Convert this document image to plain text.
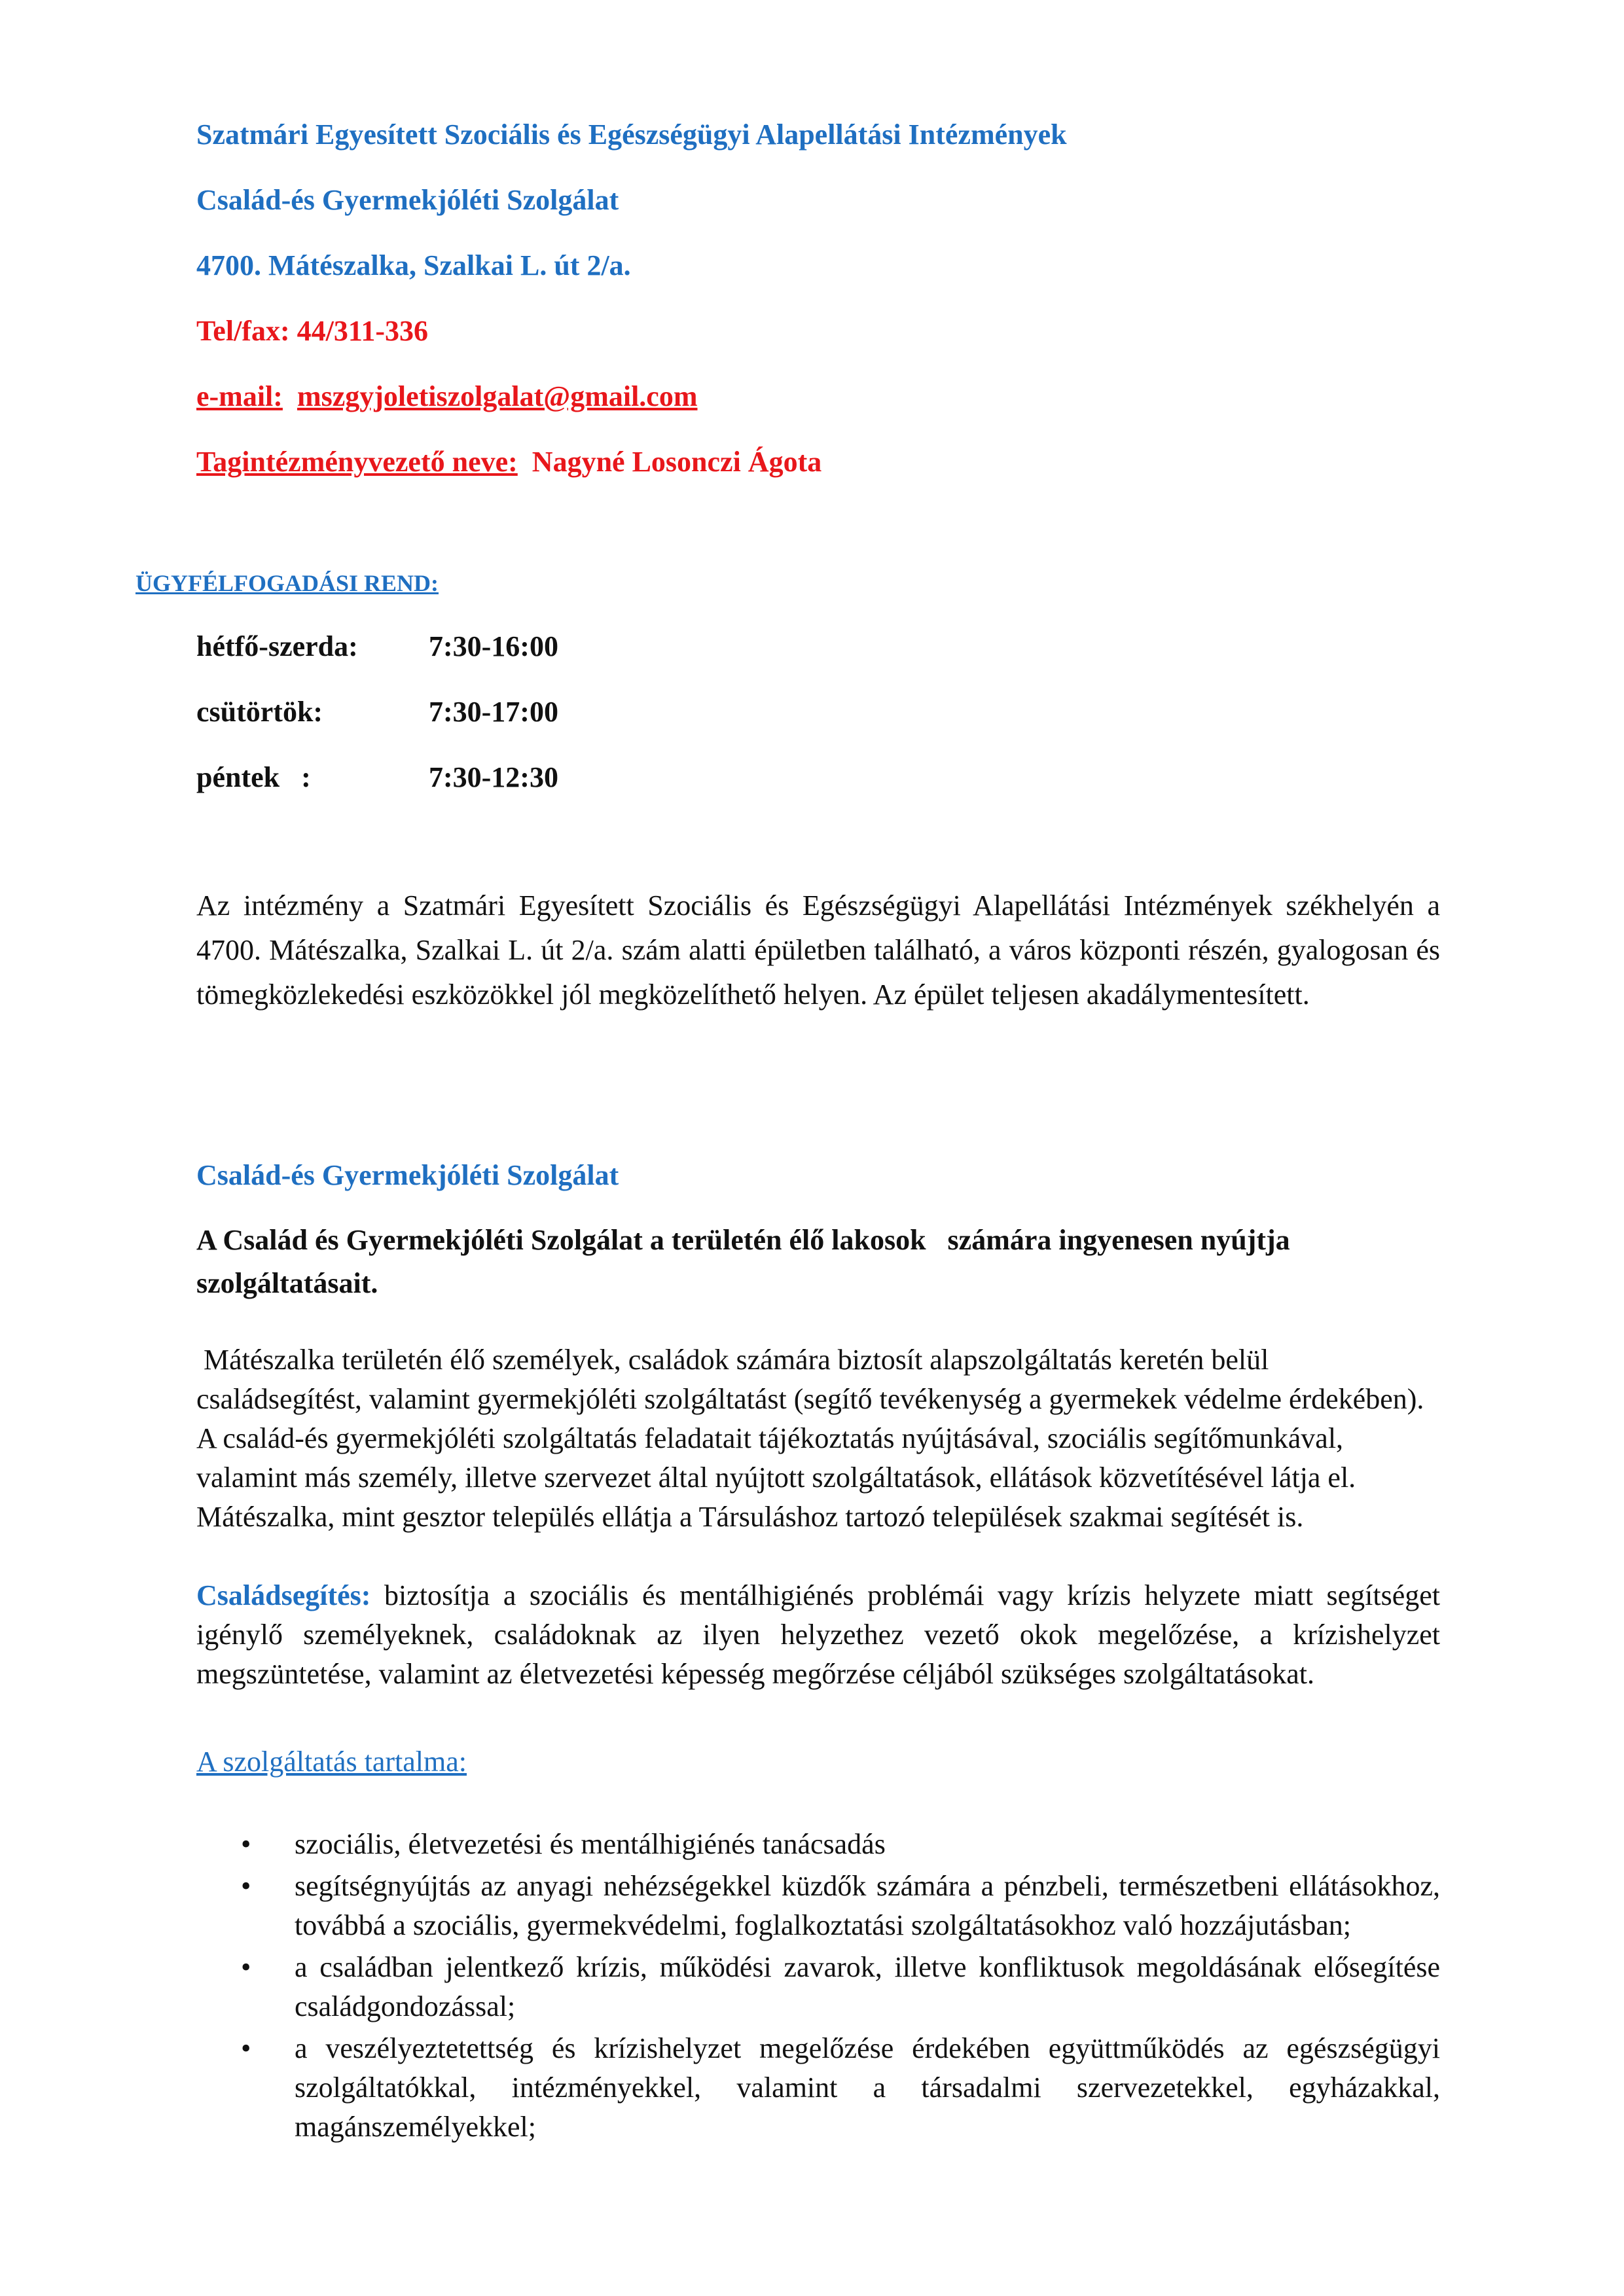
Szatmári Egyesített Szociális és Egészségügyi Alapellátási Intézmények
Család-és Gyermekjóléti Szolgálat
4700. Mátészalka, Szalkai L. út 2/a.
Tel/fax: 44/311-336
e-mail: mszgyjoletiszolgalat@gmail.com
Tagintézményvezető neve: Nagyné Losonczi Ágota
ÜGYFÉLFOGADÁSI REND:
hétfő-szerda: 7:30-16:00
csütörtök:	7:30-17:00
péntek   :	7:30-12:30
Az intézmény a Szatmári Egyesített Szociális és Egészségügyi Alapellátási Intézmények székhelyén a 4700. Mátészalka, Szalkai L. út 2/a. szám alatti épületben található, a város központi részén, gyalogosan és tömegközlekedési eszközökkel jól megközelíthető helyen. Az épület teljesen akadálymentesített.
Család-és Gyermekjóléti Szolgálat
A Család és Gyermekjóléti Szolgálat a területén élő lakosok   számára ingyenesen nyújtja szolgáltatásait.
Mátészalka területén élő személyek, családok számára biztosít alapszolgáltatás keretén belül családsegítést, valamint gyermekjóléti szolgáltatást (segítő tevékenység a gyermekek védelme érdekében). A család-és gyermekjóléti szolgáltatás feladatait tájékoztatás nyújtásával, szociális segítőmunkával, valamint más személy, illetve szervezet által nyújtott szolgáltatások, ellátások közvetítésével látja el. Mátészalka, mint gesztor település ellátja a Társuláshoz tartozó települések szakmai segítését is.
Családsegítés: biztosítja a szociális és mentálhigiénés problémái vagy krízis helyzete miatt segítséget igénylő személyeknek, családoknak az ilyen helyzethez vezető okok megelőzése, a krízishelyzet megszüntetése, valamint az életvezetési képesség megőrzése céljából szükséges szolgáltatásokat.
A szolgáltatás tartalma:
• szociális, életvezetési és mentálhigiénés tanácsadás
• segítségnyújtás az anyagi nehézségekkel küzdők számára a pénzbeli, természetbeni ellátásokhoz, továbbá a szociális, gyermekvédelmi, foglalkoztatási szolgáltatásokhoz való hozzájutásban;
• a családban jelentkező krízis, működési zavarok, illetve konfliktusok megoldásának elősegítése családgondozással;
• a veszélyeztetettség és krízishelyzet megelőzése érdekében együttműködés az egészségügyi szolgáltatókkal, intézményekkel, valamint a társadalmi szervezetekkel, egyházakkal, magánszemélyekkel;
